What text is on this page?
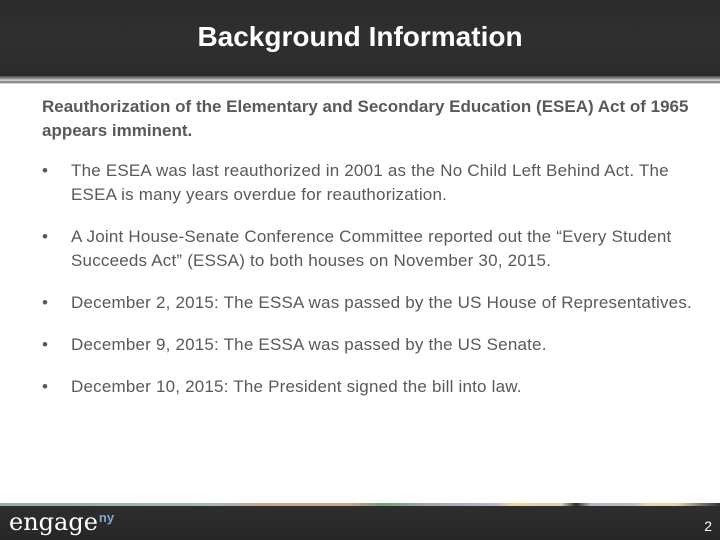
Background Information

Reauthorization of the Elementary and Secondary Education (ESEA) Act of 1965 appears imminent.

•	The ESEA was last reauthorized in 2001 as the No Child Left Behind Act. The ESEA is many years overdue for reauthorization.
•	A Joint House-Senate Conference Committee reported out the “Every Student Succeeds Act” (ESSA) to both houses on November 30, 2015.
•	December 2, 2015: The ESSA was passed by the US House of Representatives.
•	December 9, 2015: The ESSA was passed by the US Senate.
•	December 10, 2015: The President signed the bill into law.
engage$^{ny}$
2
